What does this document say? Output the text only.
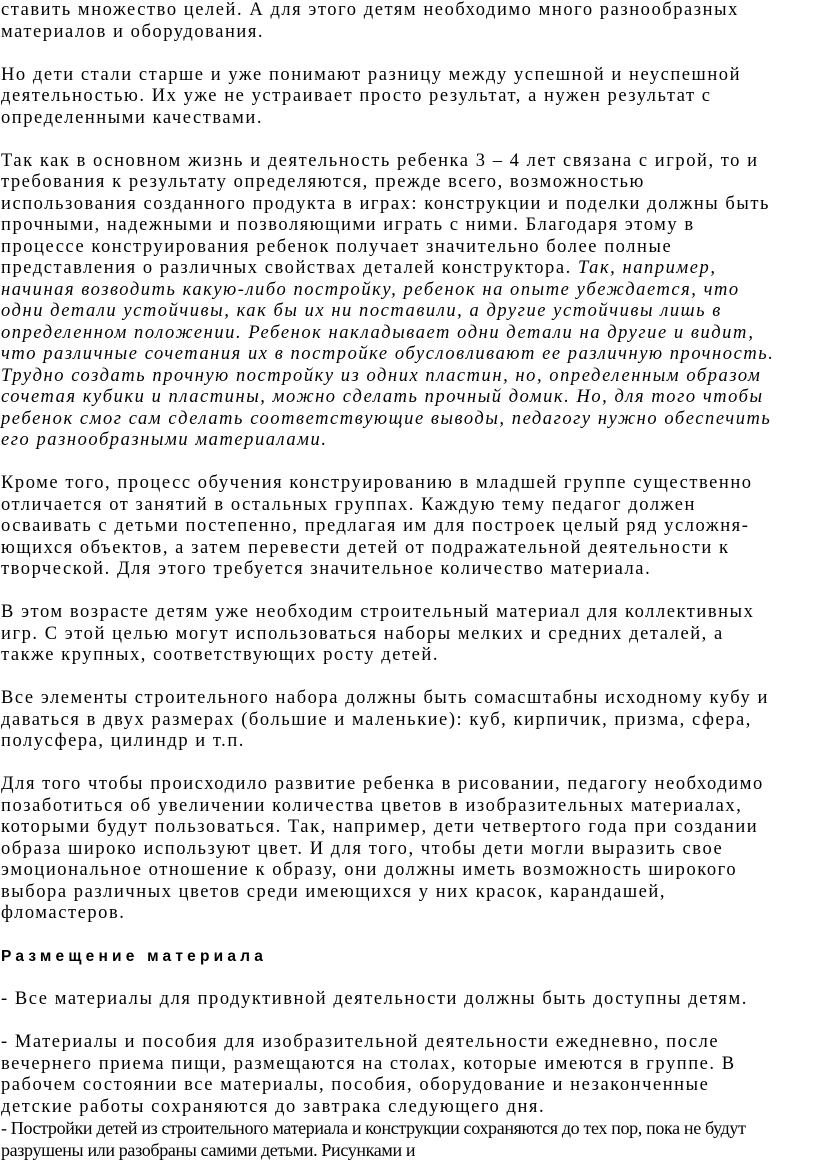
ставить множество целей. А для этого детям необходимо много разнообразных
материалов и оборудования.
Но дети стали старше и уже понимают разницу между успешной и неуспешной
деятельностью. Их уже не устраивает просто результат, а нужен результат с
определенными качествами.
Так как в основном жизнь и деятельность ребенка 3 – 4 лет связана с игрой, то и
требования к результату определяются, прежде всего, возможностью
использования созданного продукта в играх: конструкции и поделки должны быть
прочными, надежными и позволяющими играть с ними. Благодаря этому в
процессе конструирования ребенок получает значительно более полные
представления о различных свойствах деталей конструктора. Так, например,
начиная возводить какую-либо постройку, ребенок на опыте убеждается, что
одни детали устойчивы, как бы их ни поставили, а другие устойчивы лишь в
определенном положении. Ребенок накладывает одни детали на другие и видит,
что различные сочетания их в постройке обусловливают ее различную прочность.
Трудно создать прочную постройку из одних пластин, но, определенным образом
сочетая кубики и пластины, можно сделать прочный домик. Но, для того чтобы
ребенок смог сам сделать соответствующие выводы, педагогу нужно обеспечить
его разнообразными материалами.
Кроме того, процесс обучения конструированию в младшей группе существенно
отличается от занятий в остальных группах. Каждую тему педагог должен
осваивать с детьми постепенно, предлагая им для построек целый ряд усложня-
ющихся объектов, а затем перевести детей от подражательной деятельности к
творческой. Для этого требуется значительное количество материала.
В этом возрасте детям уже необходим строительный материал для коллективных
игр. С этой целью могут использоваться наборы мелких и средних деталей, а
также крупных, соответствующих росту детей.
Все элементы строительного набора должны быть сомасштабны исходному кубу и
даваться в двух размерах (большие и маленькие): куб, кирпичик, призма, сфера,
полусфера, цилиндр и т.п.
Для того чтобы происходило развитие ребенка в рисовании, педагогу необходимо
позаботиться об увеличении количества цветов в изобразительных материалах,
которыми будут пользоваться. Так, например, дети четвертого года при создании
образа широко используют цвет. И для того, чтобы дети могли выразить свое
эмоциональное отношение к образу, они должны иметь возможность широкого
выбора различных цветов среди имеющихся у них красок, карандашей,
фломастеров.
Размещение материала
- Все материалы для продуктивной деятельности должны быть доступны детям.
- Материалы и пособия для изобразительной деятельности ежедневно, после
вечернего приема пищи, размещаются на столах, которые имеются в группе. В
рабочем состоянии все материалы, пособия, оборудование и незаконченные
детские работы сохраняются до завтрака следующего дня.
- Постройки детей из строительного материала и конструкции сохраняются до тех пор, пока не будут
разрушены или разобраны самими детьми. Рисунками и
